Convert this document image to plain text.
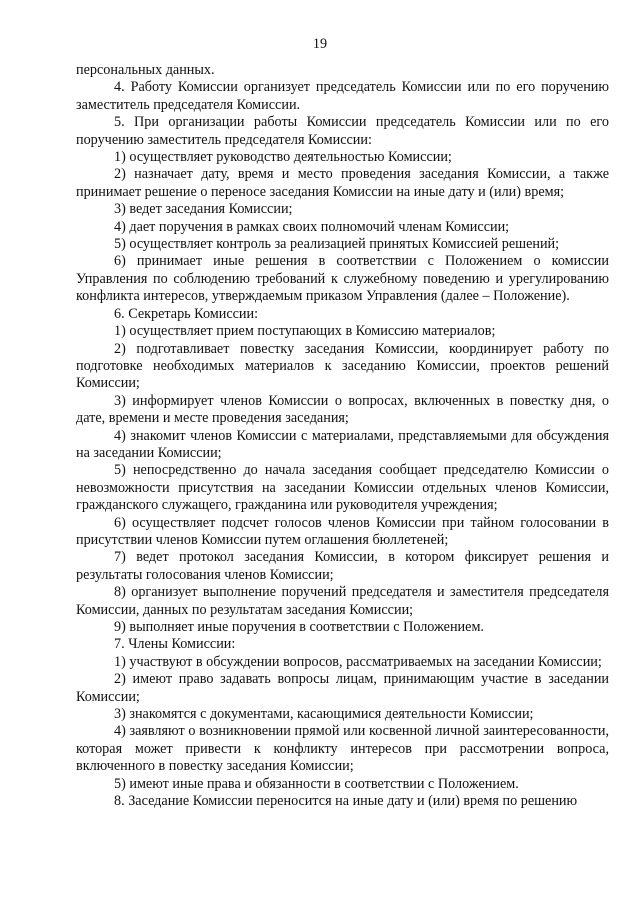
19

персональных данных.

4. Работу Комиссии организует председатель Комиссии или по его поручению заместитель председателя Комиссии.

5. При организации работы Комиссии председатель Комиссии или по его поручению заместитель председателя Комиссии:

1) осуществляет руководство деятельностью Комиссии;

2) назначает дату, время и место проведения заседания Комиссии, а также принимает решение о переносе заседания Комиссии на иные дату и (или) время;

3) ведет заседания Комиссии;

4) дает поручения в рамках своих полномочий членам Комиссии;

5) осуществляет контроль за реализацией принятых Комиссией решений;

6) принимает иные решения в соответствии с Положением о комиссии Управления по соблюдению требований к служебному поведению и урегулированию конфликта интересов, утверждаемым приказом Управления (далее – Положение).

6. Секретарь Комиссии:

1) осуществляет прием поступающих в Комиссию материалов;

2) подготавливает повестку заседания Комиссии, координирует работу по подготовке необходимых материалов к заседанию Комиссии, проектов решений Комиссии;

3) информирует членов Комиссии о вопросах, включенных в повестку дня, о дате, времени и месте проведения заседания;

4) знакомит членов Комиссии с материалами, представляемыми для обсуждения на заседании Комиссии;

5) непосредственно до начала заседания сообщает председателю Комиссии о невозможности присутствия на заседании Комиссии отдельных членов Комиссии, гражданского служащего, гражданина или руководителя учреждения;

6) осуществляет подсчет голосов членов Комиссии при тайном голосовании в присутствии членов Комиссии путем оглашения бюллетеней;

7) ведет протокол заседания Комиссии, в котором фиксирует решения и результаты голосования членов Комиссии;

8) организует выполнение поручений председателя и заместителя председателя Комиссии, данных по результатам заседания Комиссии;

9) выполняет иные поручения в соответствии с Положением.

7. Члены Комиссии:

1) участвуют в обсуждении вопросов, рассматриваемых на заседании Комиссии;

2) имеют право задавать вопросы лицам, принимающим участие в заседании Комиссии;

3) знакомятся с документами, касающимися деятельности Комиссии;

4) заявляют о возникновении прямой или косвенной личной заинтересованности, которая может привести к конфликту интересов при рассмотрении вопроса, включенного в повестку заседания Комиссии;

5) имеют иные права и обязанности в соответствии с Положением.

8. Заседание Комиссии переносится на иные дату и (или) время по решению
